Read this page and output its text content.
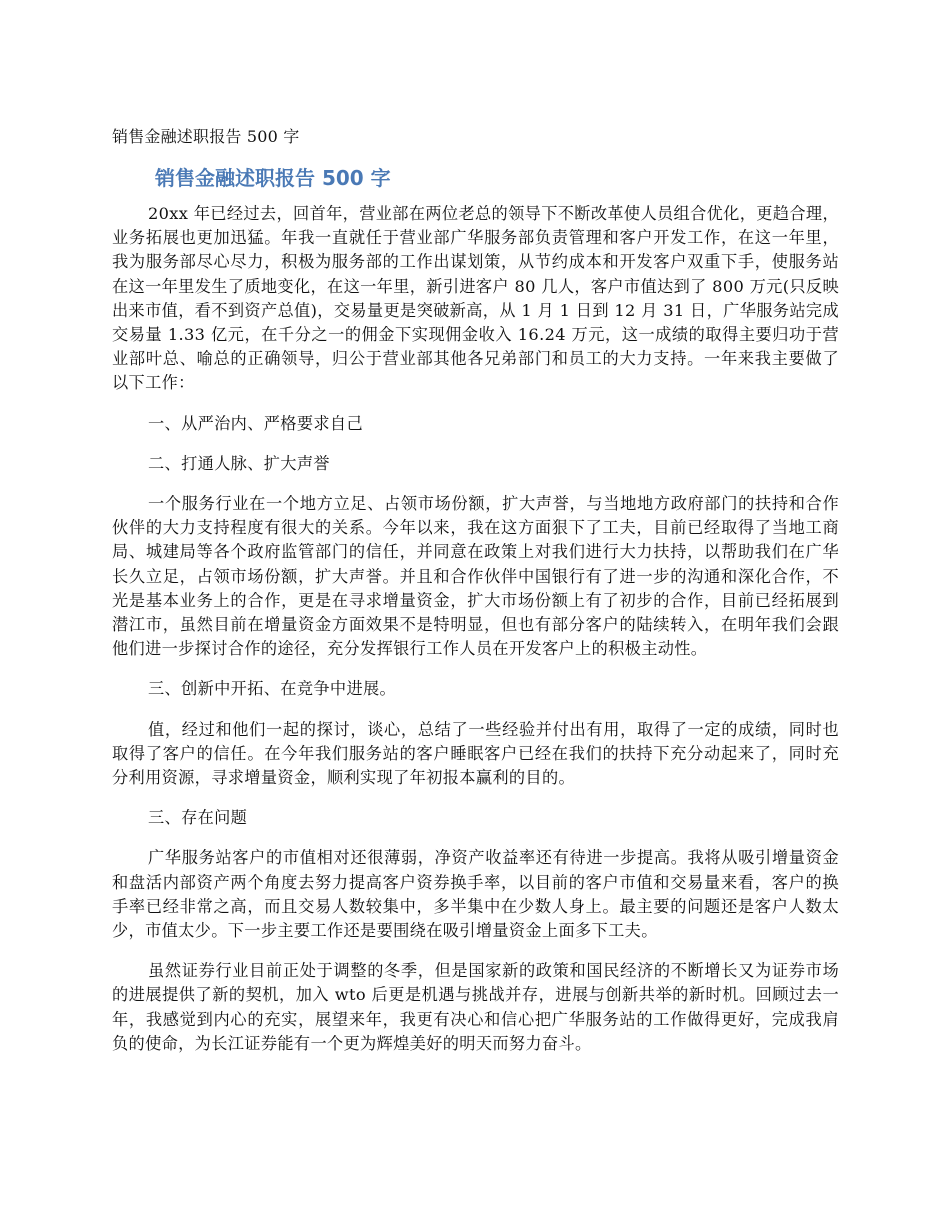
销售金融述职报告 500 字
销售金融述职报告 500 字

20xx 年已经过去，回首年，营业部在两位老总的领导下不断改革使人员组合优化，更趋合理，业务拓展也更加迅猛。年我一直就任于营业部广华服务部负责管理和客户开发工作，在这一年里，我为服务部尽心尽力，积极为服务部的工作出谋划策，从节约成本和开发客户双重下手，使服务站在这一年里发生了质地变化，在这一年里，新引进客户 80 几人，客户市值达到了 800 万元(只反映出来市值，看不到资产总值)，交易量更是突破新高，从 1 月 1 日到 12 月 31 日，广华服务站完成交易量 1.33 亿元，在千分之一的佣金下实现佣金收入 16.24 万元，这一成绩的取得主要归功于营业部叶总、喻总的正确领导，归公于营业部其他各兄弟部门和员工的大力支持。一年来我主要做了以下工作：

一、从严治内、严格要求自己

二、打通人脉、扩大声誉

一个服务行业在一个地方立足、占领市场份额，扩大声誉，与当地地方政府部门的扶持和合作伙伴的大力支持程度有很大的关系。今年以来，我在这方面狠下了工夫，目前已经取得了当地工商局、城建局等各个政府监管部门的信任，并同意在政策上对我们进行大力扶持，以帮助我们在广华长久立足，占领市场份额，扩大声誉。并且和合作伙伴中国银行有了进一步的沟通和深化合作，不光是基本业务上的合作，更是在寻求增量资金，扩大市场份额上有了初步的合作，目前已经拓展到潜江市，虽然目前在增量资金方面效果不是特明显，但也有部分客户的陆续转入，在明年我们会跟他们进一步探讨合作的途径，充分发挥银行工作人员在开发客户上的积极主动性。

三、创新中开拓、在竞争中进展。

值，经过和他们一起的探讨，谈心，总结了一些经验并付出有用，取得了一定的成绩，同时也取得了客户的信任。在今年我们服务站的客户睡眠客户已经在我们的扶持下充分动起来了，同时充分利用资源，寻求增量资金，顺利实现了年初报本赢利的目的。

三、存在问题

广华服务站客户的市值相对还很薄弱，净资产收益率还有待进一步提高。我将从吸引增量资金和盘活内部资产两个角度去努力提高客户资券换手率，以目前的客户市值和交易量来看，客户的换手率已经非常之高，而且交易人数较集中，多半集中在少数人身上。最主要的问题还是客户人数太少，市值太少。下一步主要工作还是要围绕在吸引增量资金上面多下工夫。

虽然证券行业目前正处于调整的冬季，但是国家新的政策和国民经济的不断增长又为证券市场的进展提供了新的契机，加入 wto 后更是机遇与挑战并存，进展与创新共举的新时机。回顾过去一年，我感觉到内心的充实，展望来年，我更有决心和信心把广华服务站的工作做得更好，完成我肩负的使命，为长江证券能有一个更为辉煌美好的明天而努力奋斗。
